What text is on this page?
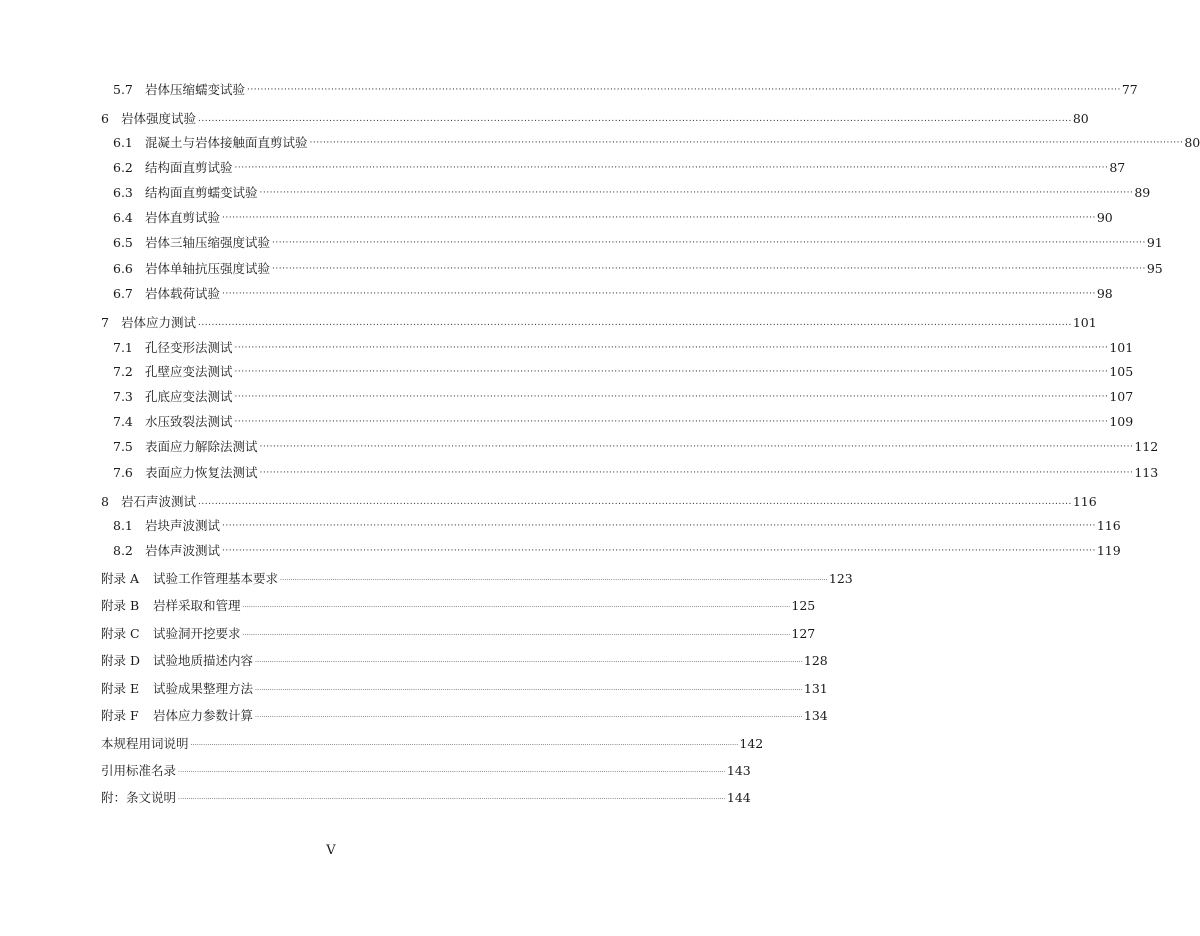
5.7 岩体压缩蠕变试验 ···································································································································································································································································· 77
6 岩体强度试验 .................................................................................................................................................................................................................................................................... 80
6.1 混凝土与岩体接触面直剪试验 ···································································································································································································································································· 80
6.2 结构面直剪试验 ···································································································································································································································································· 87
6.3 结构面直剪蠕变试验 ···································································································································································································································································· 89
6.4 岩体直剪试验 ···································································································································································································································································· 90
6.5 岩体三轴压缩强度试验 ···································································································································································································································································· 91
6.6 岩体单轴抗压强度试验 ···································································································································································································································································· 95
6.7 岩体载荷试验 ···································································································································································································································································· 98
7 岩体应力测试 .................................................................................................................................................................................................................................................................... 101
7.1 孔径变形法测试 ···································································································································································································································································· 101
7.2 孔壁应变法测试 ···································································································································································································································································· 105
7.3 孔底应变法测试 ···································································································································································································································································· 107
7.4 水压致裂法测试 ···································································································································································································································································· 109
7.5 表面应力解除法测试 ···································································································································································································································································· 112
7.6 表面应力恢复法测试 ···································································································································································································································································· 113
8 岩石声波测试 .................................................................................................................................................................................................................................................................... 116
8.1 岩块声波测试 ···································································································································································································································································· 116
8.2 岩体声波测试 ···································································································································································································································································· 119
附录 A	试验工作管理基本要求 .................................................................................................................................................................................................................................................................... 123
附录 B	岩样采取和管理 .................................................................................................................................................................................................................................................................... 125
附录 C	试验洞开挖要求 .................................................................................................................................................................................................................................................................... 127
附录 D	试验地质描述内容 .................................................................................................................................................................................................................................................................... 128
附录 E	试验成果整理方法 .................................................................................................................................................................................................................................................................... 131
附录 F	岩体应力参数计算 .................................................................................................................................................................................................................................................................... 134
本规程用词说明 .................................................................................................................................................................................................................................................................... 142
引用标准名录 .................................................................................................................................................................................................................................................................... 143
附：条文说明 .................................................................................................................................................................................................................................................................... 144
V
